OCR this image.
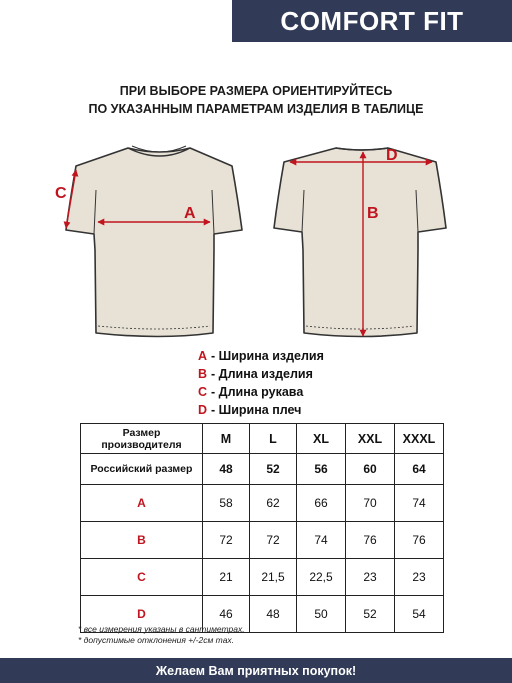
COMFORT FIT
ПРИ ВЫБОРЕ РАЗМЕРА ОРИЕНТИРУЙТЕСЬ
ПО УКАЗАННЫМ ПАРАМЕТРАМ ИЗДЕЛИЯ В ТАБЛИЦЕ
A
C
D
B
A - Ширина изделия
B - Длина изделия
C - Длина рукава
D - Ширина плеч
Размер производителя	M	L	XL	XXL	XXXL
Российский размер	48	52	56	60	64
A	58	62	66	70	74
B	72	72	74	76	76
C	21	21,5	22,5	23	23
D	46	48	50	52	54
* все измерения указаны в сантиметрах.
* допустимые отклонения +/-2см max.
Желаем Вам приятных покупок!
